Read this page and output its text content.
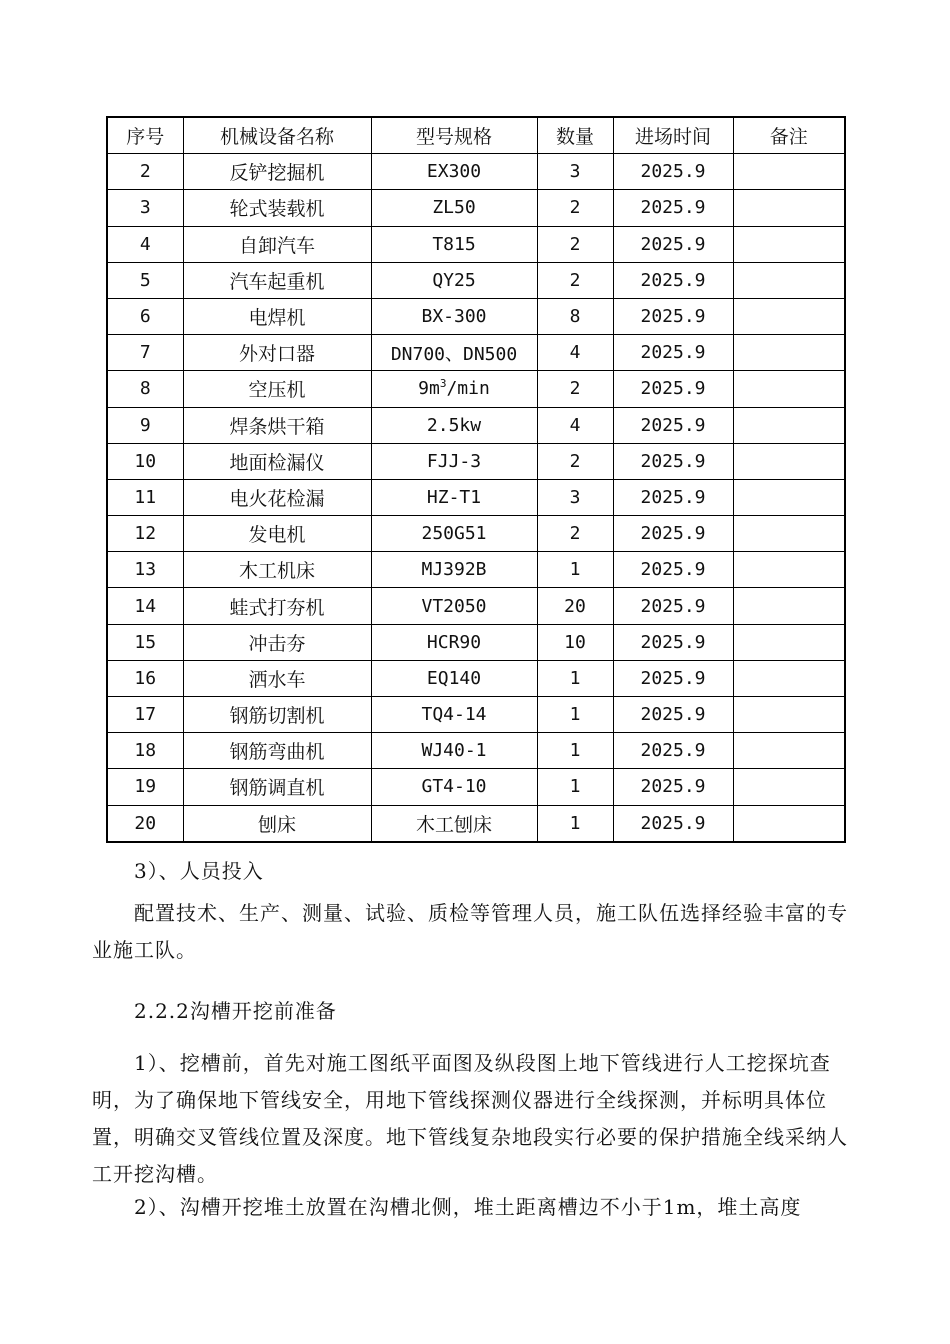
序号	机械设备名称	型号规格	数量	进场时间	备注
2	反铲挖掘机	EX300	3	2025.9	
3	轮式装载机	ZL50	2	2025.9	
4	自卸汽车	T815	2	2025.9	
5	汽车起重机	QY25	2	2025.9	
6	电焊机	BX-300	8	2025.9	
7	外对口器	DN700、DN500	4	2025.9	
8	空压机	$9m^3/\min$	2	2025.9	
9	焊条烘干箱	2.5kw	4	2025.9	
10	地面检漏仪	FJJ-3	2	2025.9	
11	电火花检漏	HZ-T1	3	2025.9	
12	发电机	250G51	2	2025.9	
13	木工机床	MJ392B	1	2025.9	
14	蛙式打夯机	VT2050	20	2025.9	
15	冲击夯	HCR90	10	2025.9	
16	洒水车	EQ140	1	2025.9	
17	钢筋切割机	TQ4-14	1	2025.9	
18	钢筋弯曲机	WJ40-1	1	2025.9	
19	钢筋调直机	GT4-10	1	2025.9	
20	刨床	木工刨床	1	2025.9	

3）、人员投入

配置技术、生产、测量、试验、质检等管理人员，施工队伍选择经验丰富的专业施工队。

2.2.2沟槽开挖前准备

1）、挖槽前，首先对施工图纸平面图及纵段图上地下管线进行人工挖探坑查明，为了确保地下管线安全，用地下管线探测仪器进行全线探测，并标明具体位置，明确交叉管线位置及深度。地下管线复杂地段实行必要的保护措施全线采纳人工开挖沟槽。

2）、沟槽开挖堆土放置在沟槽北侧，堆土距离槽边不小于1m，堆土高度
